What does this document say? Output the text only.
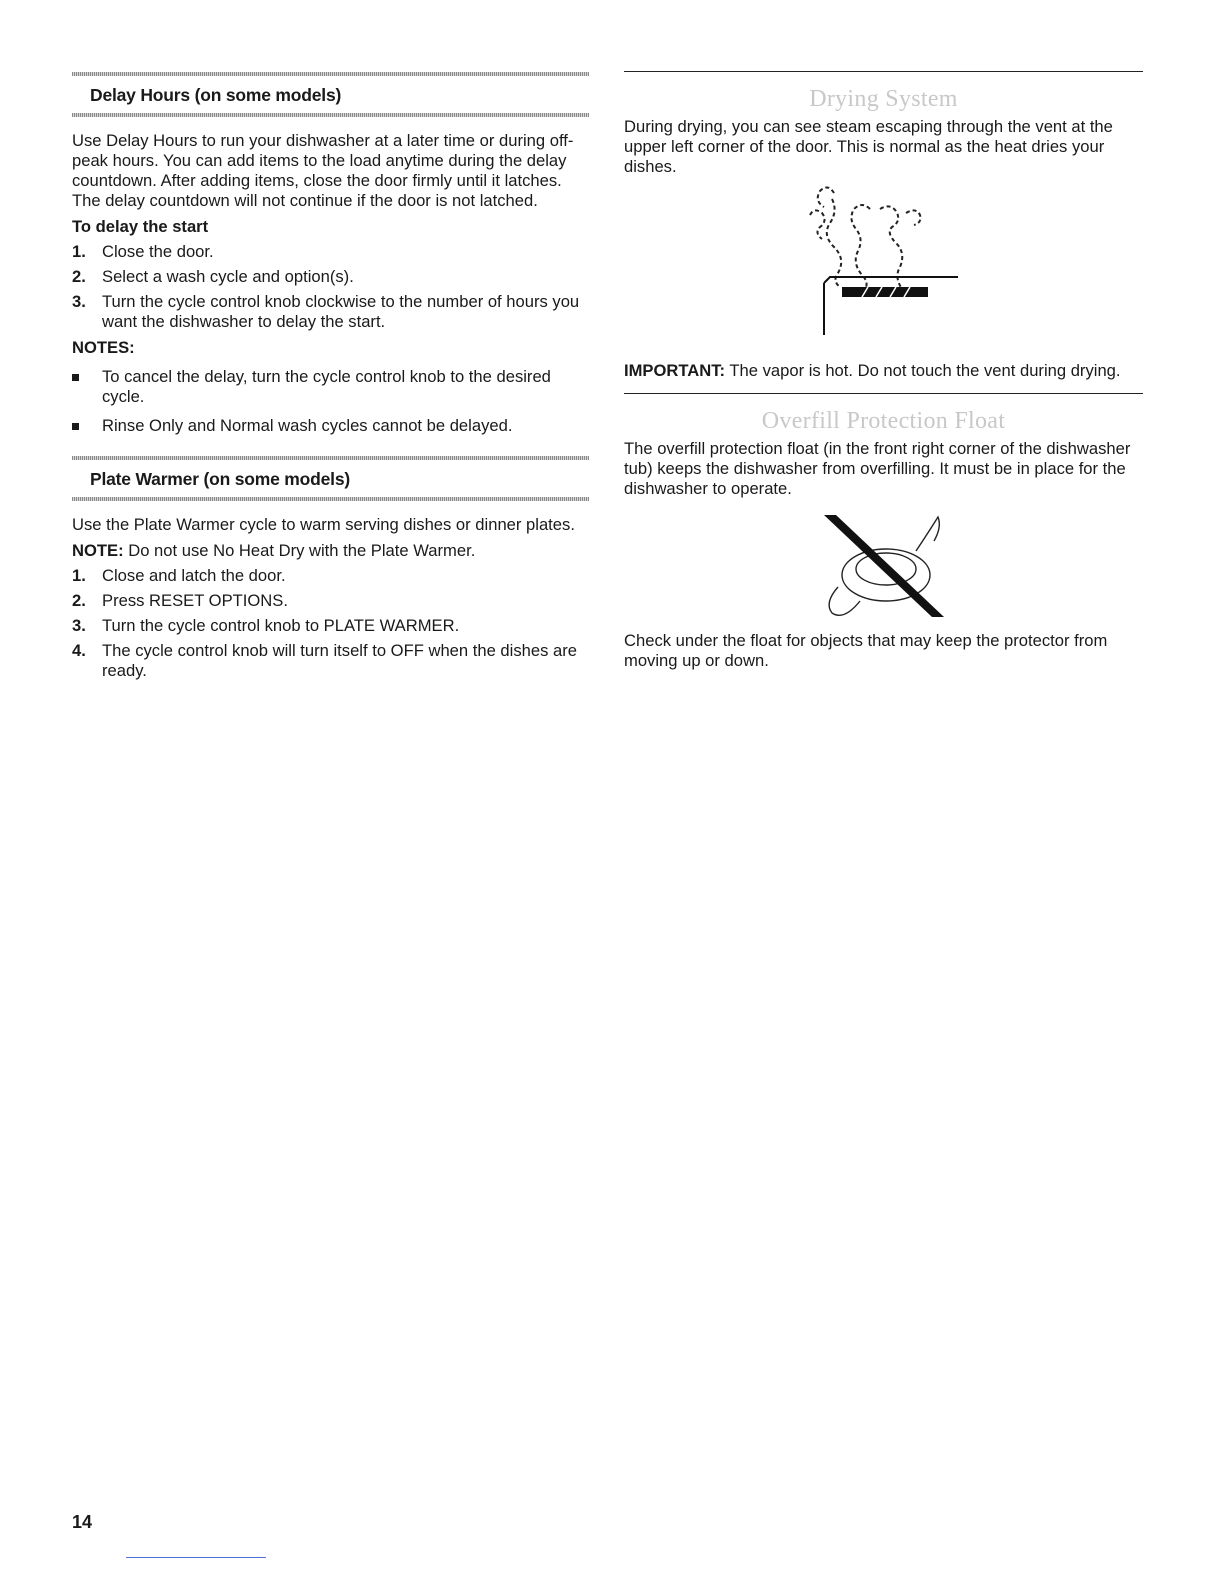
Delay Hours (on some models)

Use Delay Hours to run your dishwasher at a later time or during off-peak hours. You can add items to the load anytime during the delay countdown. After adding items, close the door firmly until it latches. The delay countdown will not continue if the door is not latched.

To delay the start
1. Close the door.
2. Select a wash cycle and option(s).
3. Turn the cycle control knob clockwise to the number of hours you want the dishwasher to delay the start.
NOTES:
To cancel the delay, turn the cycle control knob to the desired cycle.
Rinse Only and Normal wash cycles cannot be delayed.
Plate Warmer (on some models)

Use the Plate Warmer cycle to warm serving dishes or dinner plates.

NOTE: Do not use No Heat Dry with the Plate Warmer.

1. Close and latch the door.
2. Press RESET OPTIONS.
3. Turn the cycle control knob to PLATE WARMER.
4. The cycle control knob will turn itself to OFF when the dishes are ready.
Drying System

During drying, you can see steam escaping through the vent at the upper left corner of the door. This is normal as the heat dries your dishes.

IMPORTANT: The vapor is hot. Do not touch the vent during drying.

Overfill Protection Float

The overfill protection float (in the front right corner of the dishwasher tub) keeps the dishwasher from overfilling. It must be in place for the dishwasher to operate.

Check under the float for objects that may keep the protector from moving up or down.

14
